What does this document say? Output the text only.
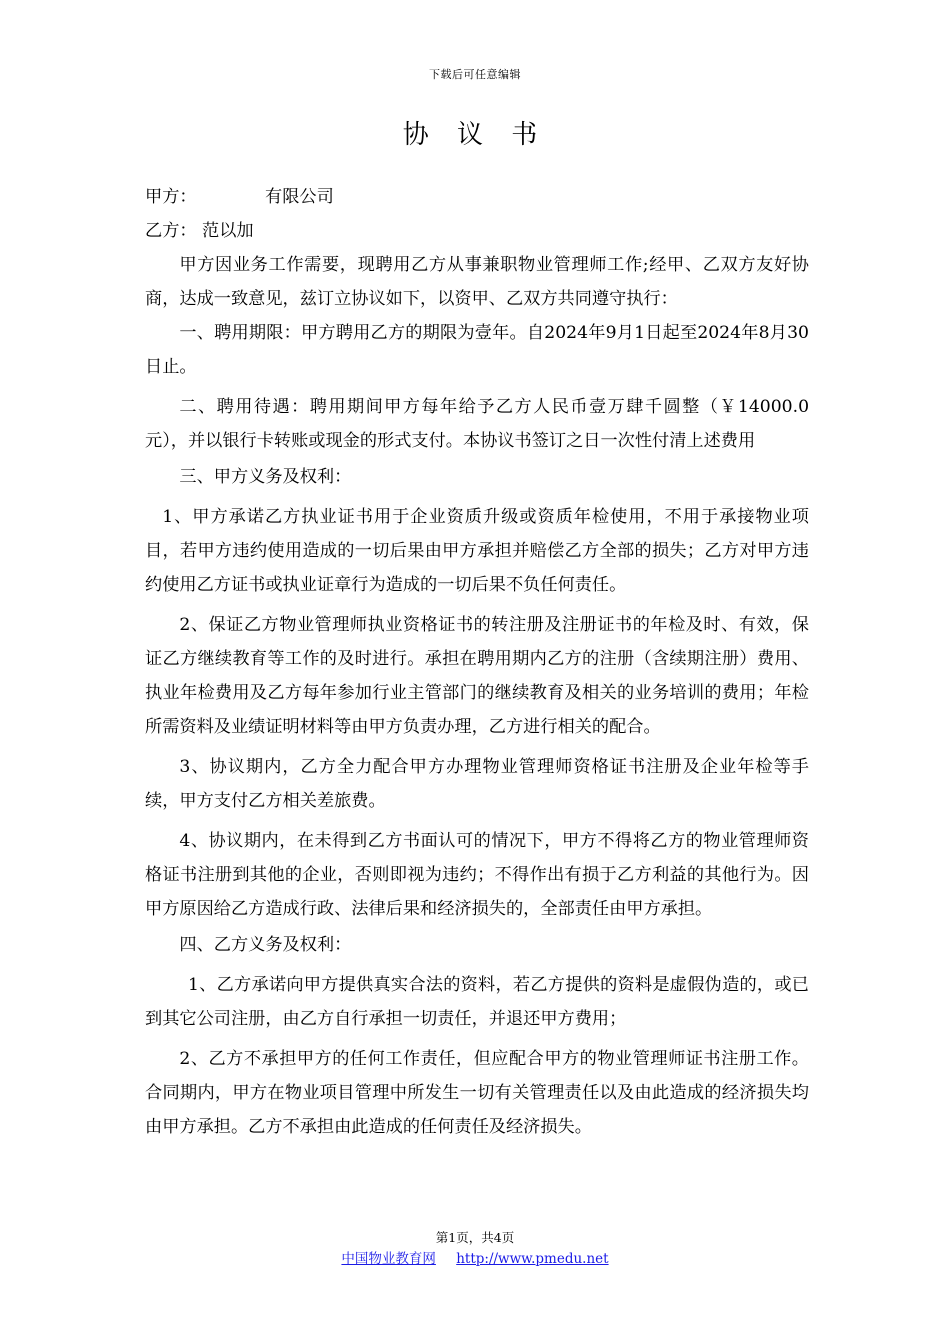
下载后可任意编辑
协 议 书
甲方：	有限公司
乙方： 范以加

甲方因业务工作需要，现聘用乙方从事兼职物业管理师工作;经甲、乙双方友好协商，达成一致意见，兹订立协议如下，以资甲、乙双方共同遵守执行：

一、聘用期限：甲方聘用乙方的期限为壹年。自2024年9月1日起至2024年8月30日止。

二、聘用待遇：聘用期间甲方每年给予乙方人民币壹万肆千圆整（￥14000.0元），并以银行卡转账或现金的形式支付。本协议书签订之日一次性付清上述费用

三、甲方义务及权利：

1、甲方承诺乙方执业证书用于企业资质升级或资质年检使用，不用于承接物业项目，若甲方违约使用造成的一切后果由甲方承担并赔偿乙方全部的损失；乙方对甲方违约使用乙方证书或执业证章行为造成的一切后果不负任何责任。

2、保证乙方物业管理师执业资格证书的转注册及注册证书的年检及时、有效，保证乙方继续教育等工作的及时进行。承担在聘用期内乙方的注册（含续期注册）费用、执业年检费用及乙方每年参加行业主管部门的继续教育及相关的业务培训的费用；年检所需资料及业绩证明材料等由甲方负责办理，乙方进行相关的配合。

3、协议期内，乙方全力配合甲方办理物业管理师资格证书注册及企业年检等手续，甲方支付乙方相关差旅费。

4、协议期内，在未得到乙方书面认可的情况下，甲方不得将乙方的物业管理师资格证书注册到其他的企业，否则即视为违约；不得作出有损于乙方利益的其他行为。因甲方原因给乙方造成行政、法律后果和经济损失的，全部责任由甲方承担。

四、乙方义务及权利：

1、乙方承诺向甲方提供真实合法的资料，若乙方提供的资料是虚假伪造的，或已到其它公司注册，由乙方自行承担一切责任，并退还甲方费用；

2、乙方不承担甲方的任何工作责任，但应配合甲方的物业管理师证书注册工作。合同期内，甲方在物业项目管理中所发生一切有关管理责任以及由此造成的经济损失均由甲方承担。乙方不承担由此造成的任何责任及经济损失。

第1页，共4页
中国物业教育网 http://www.pmedu.net
